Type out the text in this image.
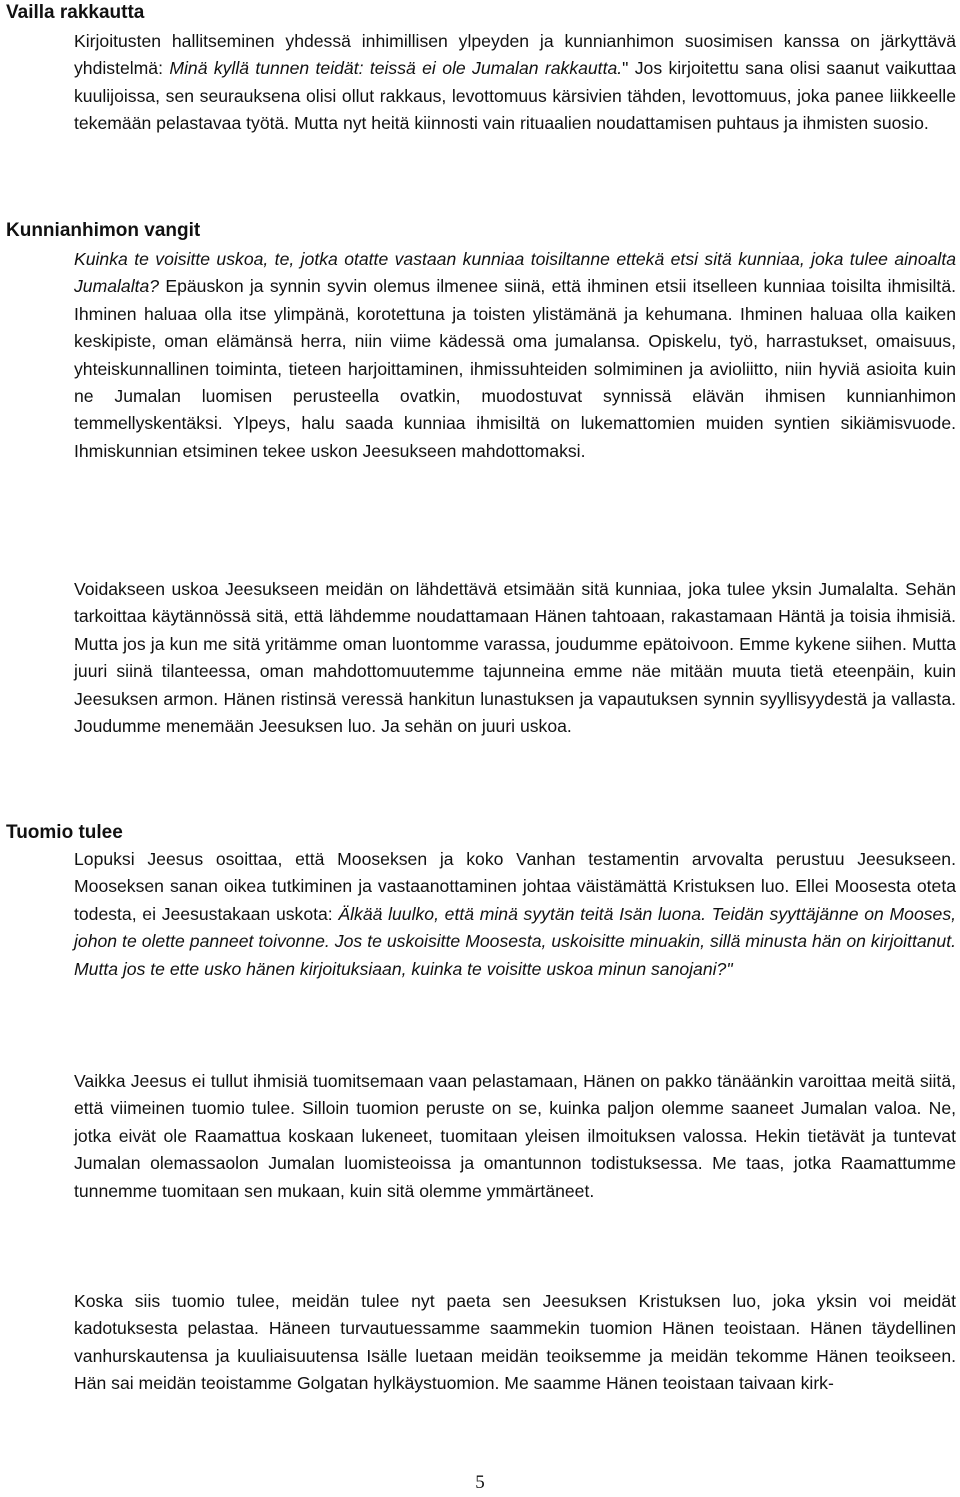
Vailla rakkautta

Kirjoitusten hallitseminen yhdessä inhimillisen ylpeyden ja kunnianhimon suosimisen kanssa on järkyttävä yhdistelmä: Minä kyllä tunnen teidät: teissä ei ole Jumalan rakkautta." Jos kirjoitettu sana olisi saanut vaikuttaa kuulijoissa, sen seurauksena olisi ollut rakkaus, levottomuus kärsivien tähden, levottomuus, joka panee liikkeelle tekemään pelastavaa työtä. Mutta nyt heitä kiinnosti vain rituaalien noudattamisen puhtaus ja ihmisten suosio.

Kunnianhimon vangit

Kuinka te voisitte uskoa, te, jotka otatte vastaan kunniaa toisiltanne ettekä etsi sitä kunniaa, joka tulee ainoalta Jumalalta? Epäuskon ja synnin syvin olemus ilmenee siinä, että ihminen etsii itselleen kunniaa toisilta ihmisiltä. Ihminen haluaa olla itse ylimpänä, korotettuna ja toisten ylistämänä ja kehumana. Ihminen haluaa olla kaiken keskipiste, oman elämänsä herra, niin viime kädessä oma jumalansa. Opiskelu, työ, harrastukset, omaisuus, yhteiskunnallinen toiminta, tieteen harjoittaminen, ihmissuhteiden solmiminen ja avioliitto, niin hyviä asioita kuin ne Jumalan luomisen perusteella ovatkin, muodostuvat synnissä elävän ihmisen kunnianhimon temmellyskentäksi. Ylpeys, halu saada kunniaa ihmisiltä on lukemattomien muiden syntien sikiämisvuode. Ihmiskunnian etsiminen tekee uskon Jeesukseen mahdottomaksi.

Voidakseen uskoa Jeesukseen meidän on lähdettävä etsimään sitä kunniaa, joka tulee yksin Jumalalta. Sehän tarkoittaa käytännössä sitä, että lähdemme noudattamaan Hänen tahtoaan, rakastamaan Häntä ja toisia ihmisiä. Mutta jos ja kun me sitä yritämme oman luontomme varassa, joudumme epätoivoon. Emme kykene siihen. Mutta juuri siinä tilanteessa, oman mahdottomuutemme tajunneina emme näe mitään muuta tietä eteenpäin, kuin Jeesuksen armon. Hänen ristinsä veressä hankitun lunastuksen ja vapautuksen synnin syyllisyydestä ja vallasta. Joudumme menemään Jeesuksen luo. Ja sehän on juuri uskoa.

Tuomio tulee

Lopuksi Jeesus osoittaa, että Mooseksen ja koko Vanhan testamentin arvovalta perustuu Jeesukseen. Mooseksen sanan oikea tutkiminen ja vastaanottaminen johtaa väistämättä Kristuksen luo. Ellei Moosesta oteta todesta, ei Jeesustakaan uskota: Älkää luulko, että minä syytän teitä Isän luona. Teidän syyttäjänne on Mooses, johon te olette panneet toivonne. Jos te uskoisitte Moosesta, uskoisitte minuakin, sillä minusta hän on kirjoittanut. Mutta jos te ette usko hänen kirjoituksiaan, kuinka te voisitte uskoa minun sanojani?"

Vaikka Jeesus ei tullut ihmisiä tuomitsemaan vaan pelastamaan, Hänen on pakko tänäänkin varoittaa meitä siitä, että viimeinen tuomio tulee. Silloin tuomion peruste on se, kuinka paljon olemme saaneet Jumalan valoa. Ne, jotka eivät ole Raamattua koskaan lukeneet, tuomitaan yleisen ilmoituksen valossa. Hekin tietävät ja tuntevat Jumalan olemassaolon Jumalan luomisteoissa ja omantunnon todistuksessa. Me taas, jotka Raamattumme tunnemme tuomitaan sen mukaan, kuin sitä olemme ymmärtäneet.

Koska siis tuomio tulee, meidän tulee nyt paeta sen Jeesuksen Kristuksen luo, joka yksin voi meidät kadotuksesta pelastaa. Häneen turvautuessamme saammekin tuomion Hänen teoistaan. Hänen täydellinen vanhurskautensa ja kuuliaisuutensa Isälle luetaan meidän teoiksemme ja meidän tekomme Hänen teoikseen. Hän sai meidän teoistamme Golgatan hylkäystuomion. Me saamme Hänen teoistaan taivaan kirk-

5
